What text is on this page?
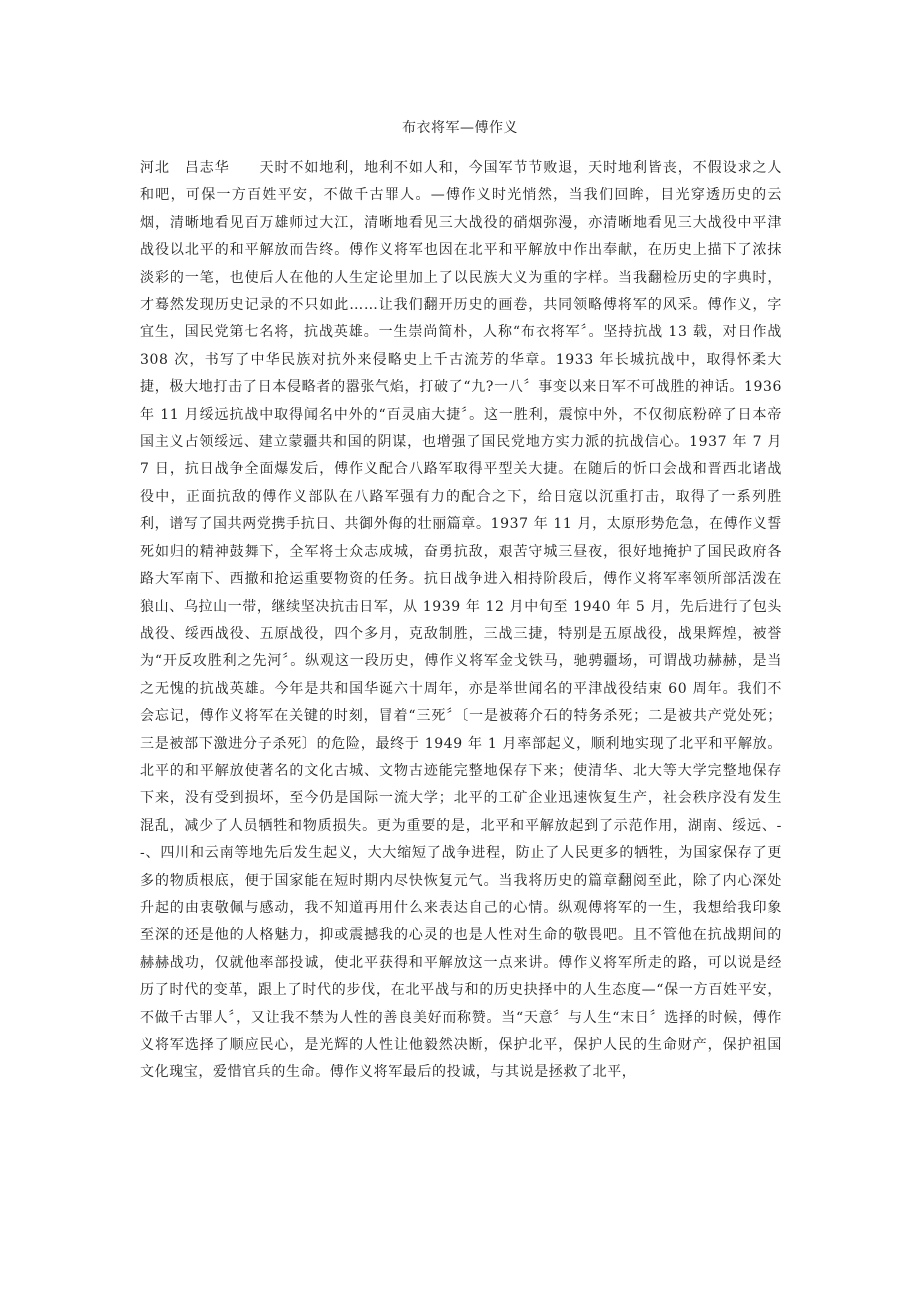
布衣将军—傅作义
河北　吕志华　　天时不如地利，地利不如人和，今国军节节败退，天时地利皆丧，不假设求之人和吧，可保一方百姓平安，不做千古罪人。—傅作义时光悄然，当我们回眸，目光穿透历史的云烟，清晰地看见百万雄师过大江，清晰地看见三大战役的硝烟弥漫，亦清晰地看见三大战役中平津战役以北平的和平解放而告终。傅作义将军也因在北平和平解放中作出奉献，在历史上描下了浓抹淡彩的一笔，也使后人在他的人生定论里加上了以民族大义为重的字样。当我翻检历史的字典时，才蓦然发现历史记录的不只如此……让我们翻开历史的画卷，共同领略傅将军的风采。傅作义，字宜生，国民党第七名将，抗战英雄。一生崇尚简朴，人称“布衣将军〞。坚持抗战 13 载，对日作战 308 次，书写了中华民族对抗外来侵略史上千古流芳的华章。1933 年长城抗战中，取得怀柔大捷，极大地打击了日本侵略者的嚣张气焰，打破了“九?一八〞事变以来日军不可战胜的神话。1936 年 11 月绥远抗战中取得闻名中外的“百灵庙大捷〞。这一胜利，震惊中外，不仅彻底粉碎了日本帝国主义占领绥远、建立蒙疆共和国的阴谋，也增强了国民党地方实力派的抗战信心。1937 年 7 月 7 日，抗日战争全面爆发后，傅作义配合八路军取得平型关大捷。在随后的忻口会战和晋西北诸战役中，正面抗敌的傅作义部队在八路军强有力的配合之下，给日寇以沉重打击，取得了一系列胜利，谱写了国共两党携手抗日、共御外侮的壮丽篇章。1937 年 11 月，太原形势危急，在傅作义誓死如归的精神鼓舞下，全军将士众志成城，奋勇抗敌，艰苦守城三昼夜，很好地掩护了国民政府各路大军南下、西撤和抢运重要物资的任务。抗日战争进入相持阶段后，傅作义将军率领所部活泼在狼山、乌拉山一带，继续坚决抗击日军，从 1939 年 12 月中旬至 1940 年 5 月，先后进行了包头战役、绥西战役、五原战役，四个多月，克敌制胜，三战三捷，特别是五原战役，战果辉煌，被誉为“开反攻胜利之先河〞。纵观这一段历史，傅作义将军金戈铁马，驰骋疆场，可谓战功赫赫，是当之无愧的抗战英雄。今年是共和国华诞六十周年，亦是举世闻名的平津战役结束 60 周年。我们不会忘记，傅作义将军在关键的时刻，冒着“三死〞〔一是被蒋介石的特务杀死；二是被共产党处死；三是被部下激进分子杀死〕的危险，最终于 1949 年 1 月率部起义，顺利地实现了北平和平解放。北平的和平解放使著名的文化古城、文物古迹能完整地保存下来；使清华、北大等大学完整地保存下来，没有受到损坏，至今仍是国际一流大学；北平的工矿企业迅速恢复生产，社会秩序没有发生混乱，减少了人员牺牲和物质损失。更为重要的是，北平和平解放起到了示范作用，湖南、绥远、--、四川和云南等地先后发生起义，大大缩短了战争进程，防止了人民更多的牺牲，为国家保存了更多的物质根底，便于国家能在短时期内尽快恢复元气。当我将历史的篇章翻阅至此，除了内心深处升起的由衷敬佩与感动，我不知道再用什么来表达自己的心情。纵观傅将军的一生，我想给我印象至深的还是他的人格魅力，抑或震撼我的心灵的也是人性对生命的敬畏吧。且不管他在抗战期间的赫赫战功，仅就他率部投诚，使北平获得和平解放这一点来讲。傅作义将军所走的路，可以说是经历了时代的变革，跟上了时代的步伐，在北平战与和的历史抉择中的人生态度—“保一方百姓平安，不做千古罪人〞，又让我不禁为人性的善良美好而称赞。当“天意〞与人生“末日〞选择的时候，傅作义将军选择了顺应民心，是光辉的人性让他毅然决断，保护北平，保护人民的生命财产，保护祖国文化瑰宝，爱惜官兵的生命。傅作义将军最后的投诚，与其说是拯救了北平，
